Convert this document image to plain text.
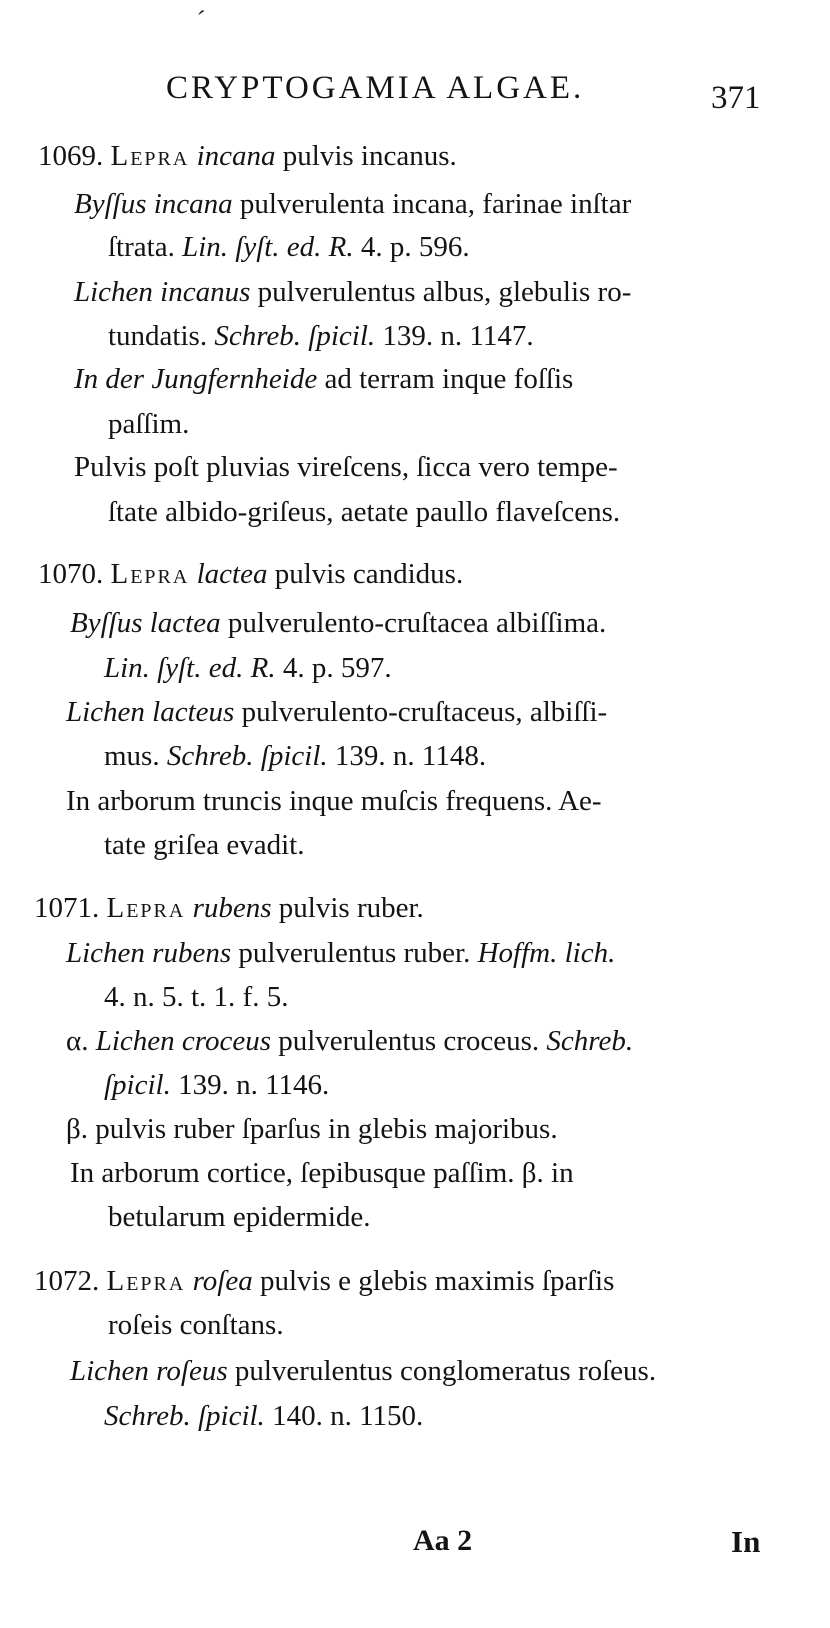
ˊ
CRYPTOGAMIA ALGAE.	371
1069. Lepra incana pulvis incanus.
Byſſus incana pulverulenta incana, farinae inſtar
ſtrata. Lin. ſyſt. ed. R. 4. p. 596.
Lichen incanus pulverulentus albus, glebulis ro-
tundatis. Schreb. ſpicil. 139. n. 1147.
In der Jungfernheide ad terram inque foſſis
paſſim.
Pulvis poſt pluvias vireſcens, ſicca vero tempe-
ſtate albido-griſeus, aetate paullo flaveſcens.
1070. Lepra lactea pulvis candidus.
Byſſus lactea pulverulento-cruſtacea albiſſima.
Lin. ſyſt. ed. R. 4. p. 597.
Lichen lacteus pulverulento-cruſtaceus, albiſſi-
mus. Schreb. ſpicil. 139. n. 1148.
In arborum truncis inque muſcis frequens. Ae-
tate griſea evadit.
1071. Lepra rubens pulvis ruber.
Lichen rubens pulverulentus ruber. Hoffm. lich.
4. n. 5. t. 1. f. 5.
α. Lichen croceus pulverulentus croceus. Schreb.
ſpicil. 139. n. 1146.
β. pulvis ruber ſparſus in glebis majoribus.
In arborum cortice, ſepibusque paſſim. β. in
betularum epidermide.
1072. Lepra roſea pulvis e glebis maximis ſparſis
roſeis conſtans.
Lichen roſeus pulverulentus conglomeratus roſeus.
Schreb. ſpicil. 140. n. 1150.
Aa 2	In
